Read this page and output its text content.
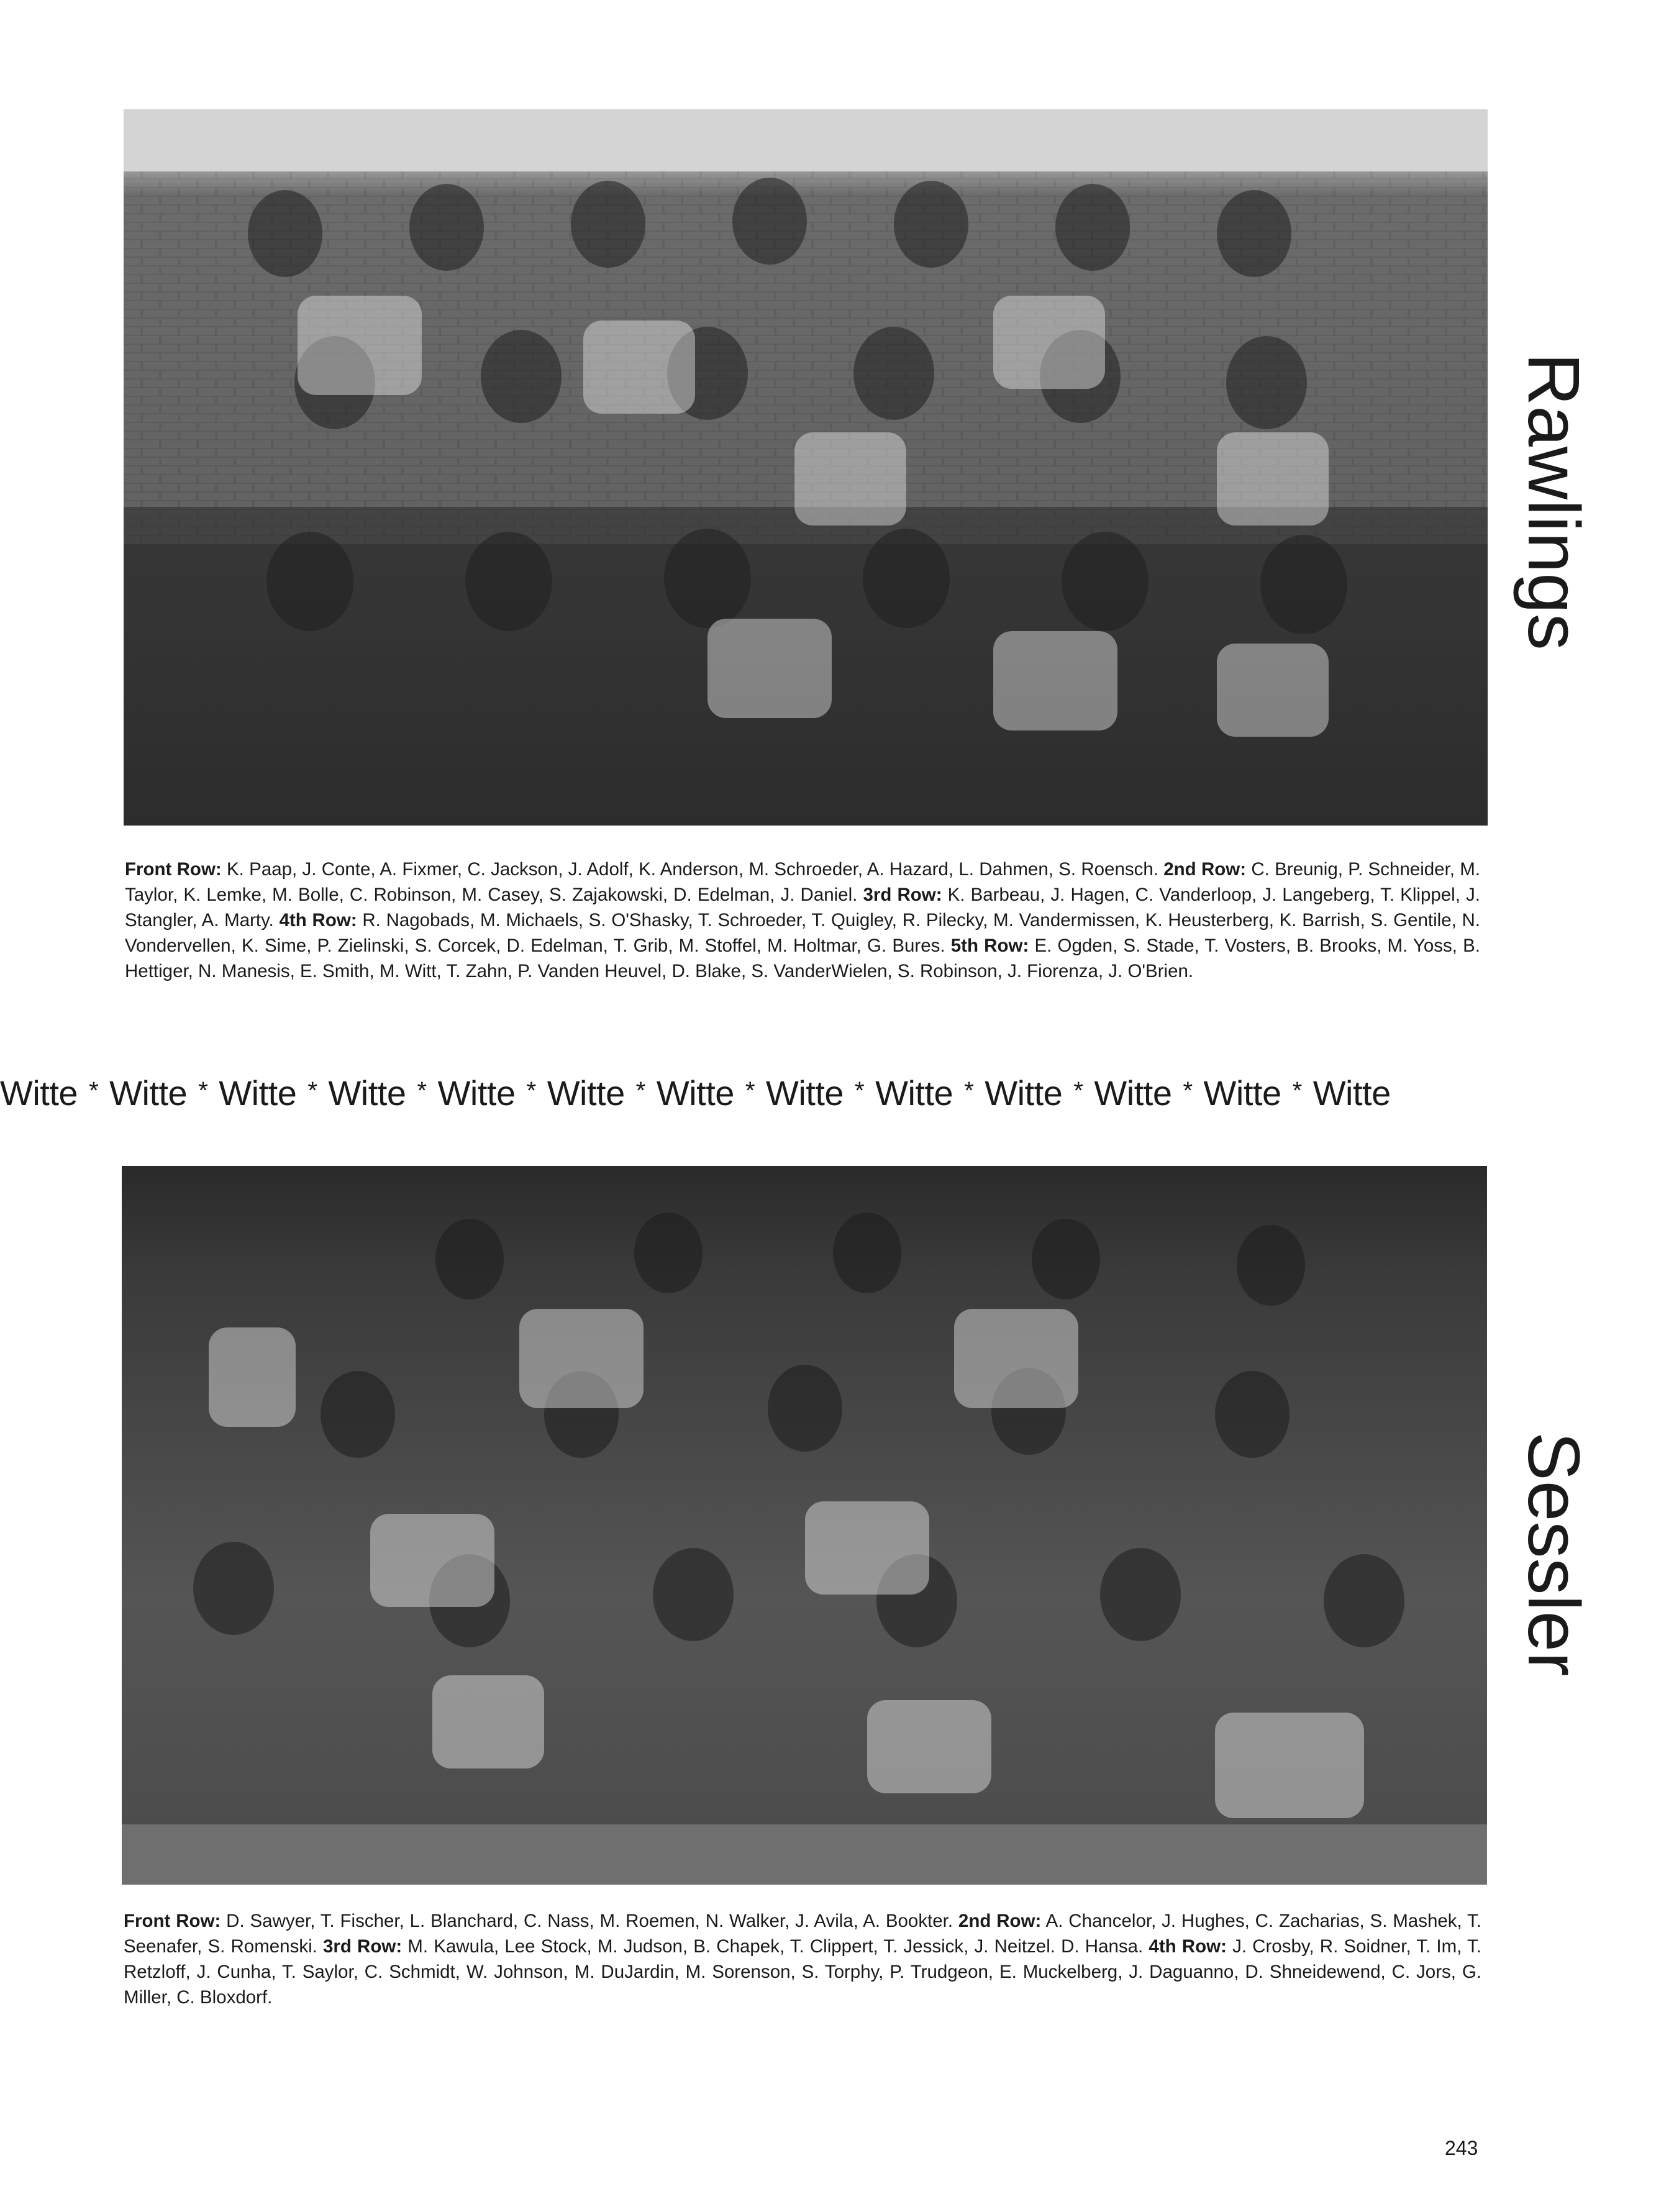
Front Row: K. Paap, J. Conte, A. Fixmer, C. Jackson, J. Adolf, K. Anderson, M. Schroeder, A. Hazard, L. Dahmen, S. Roensch. 2nd Row: C. Breunig, P. Schneider, M. Taylor, K. Lemke, M. Bolle, C. Robinson, M. Casey, S. Zajakowski, D. Edelman, J. Daniel. 3rd Row: K. Barbeau, J. Hagen, C. Vanderloop, J. Langeberg, T. Klippel, J. Stangler, A. Marty. 4th Row: R. Nagobads, M. Michaels, S. O'Shasky, T. Schroeder, T. Quigley, R. Pilecky, M. Vandermissen, K. Heusterberg, K. Barrish, S. Gentile, N. Vondervellen, K. Sime, P. Zielinski, S. Corcek, D. Edelman, T. Grib, M. Stoffel, M. Holtmar, G. Bures. 5th Row: E. Ogden, S. Stade, T. Vosters, B. Brooks, M. Yoss, B. Hettiger, N. Manesis, E. Smith, M. Witt, T. Zahn, P. Vanden Heuvel, D. Blake, S. VanderWielen, S. Robinson, J. Fiorenza, J. O'Brien.
Witte * Witte * Witte * Witte * Witte * Witte * Witte * Witte * Witte * Witte * Witte * Witte * Witte
Front Row: D. Sawyer, T. Fischer, L. Blanchard, C. Nass, M. Roemen, N. Walker, J. Avila, A. Bookter. 2nd Row: A. Chancelor, J. Hughes, C. Zacharias, S. Mashek, T. Seenafer, S. Romenski. 3rd Row: M. Kawula, Lee Stock, M. Judson, B. Chapek, T. Clippert, T. Jessick, J. Neitzel. D. Hansa. 4th Row: J. Crosby, R. Soidner, T. Im, T. Retzloff, J. Cunha, T. Saylor, C. Schmidt, W. Johnson, M. DuJardin, M. Sorenson, S. Torphy, P. Trudgeon, E. Muckelberg, J. Daguanno, D. Shneidewend, C. Jors, G. Miller, C. Bloxdorf.
Rawlings
Sessler
243
